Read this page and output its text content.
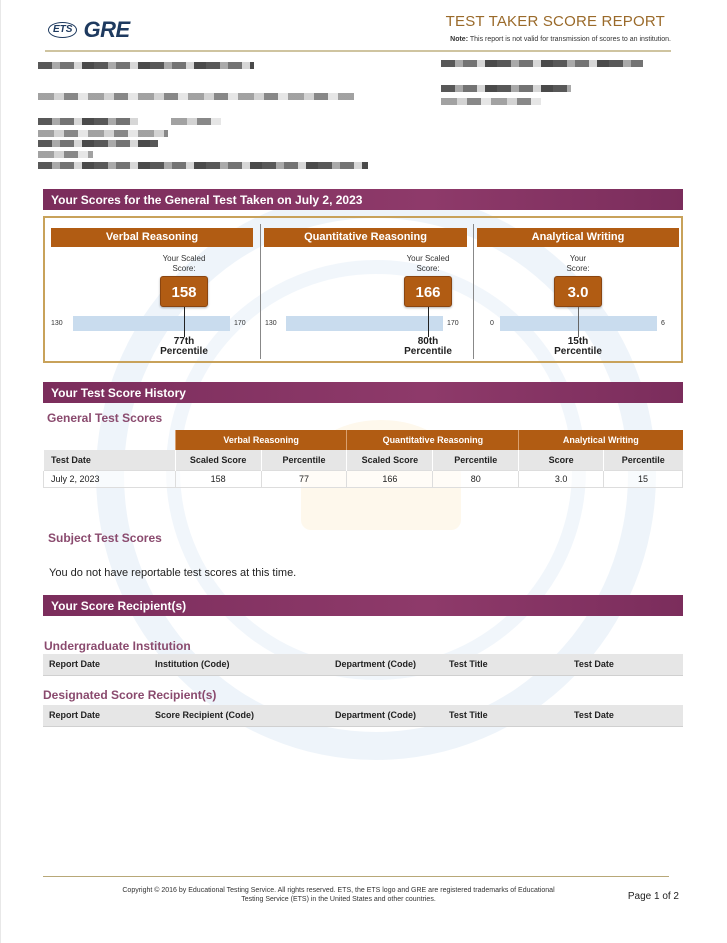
ETS GRE	TEST TAKER SCORE REPORT
Note: This report is not valid for transmission of scores to an institution.
Your Scores for the General Test Taken on July 2, 2023
Verbal Reasoning
Your Scaled
Score:
158
130	170
77th
Percentile
Quantitative Reasoning
Your Scaled
Score:
166
130	170
80th
Percentile
Analytical Writing
Your
Score:
3.0
0	6
15th
Percentile
Your Test Score History
General Test Scores
	Verbal Reasoning		Quantitative Reasoning		Analytical Writing	
Test Date	Scaled Score	Percentile	Scaled Score	Percentile	Score	Percentile
July 2, 2023	158	77	166	80	3.0	15
Subject Test Scores
You do not have reportable test scores at this time.
Your Score Recipient(s)
Undergraduate Institution
Report Date	Institution (Code)	Department (Code)	Test Title	Test Date
Designated Score Recipient(s)
Report Date	Score Recipient (Code)	Department (Code)	Test Title	Test Date
Copyright © 2016 by Educational Testing Service. All rights reserved. ETS, the ETS logo and GRE are registered trademarks of Educational
Testing Service (ETS) in the United States and other countries.	Page 1 of 2
